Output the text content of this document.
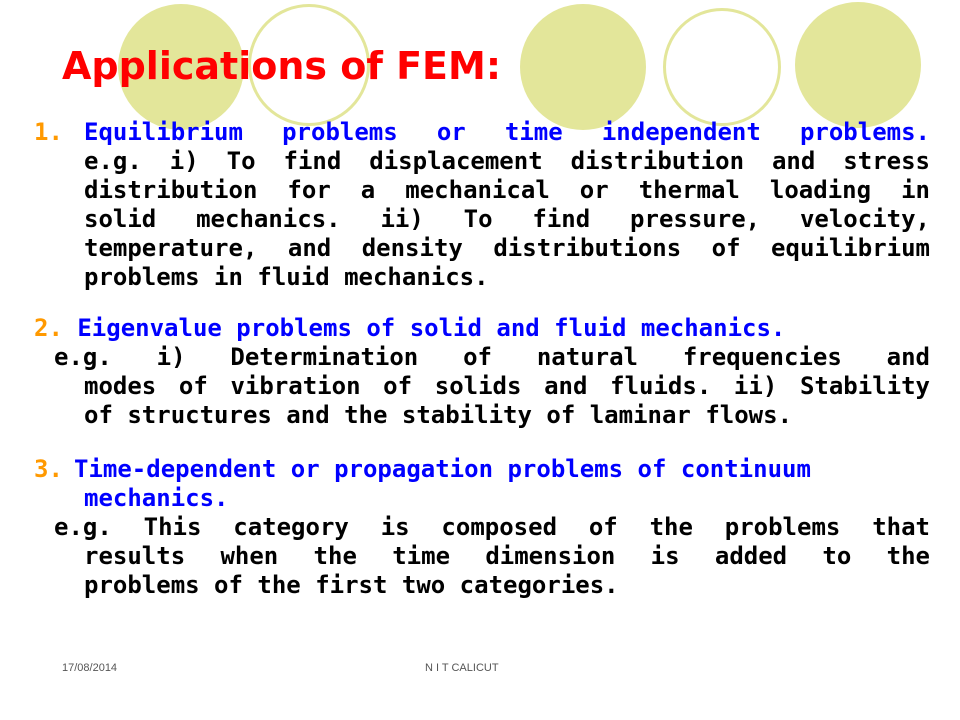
Applications of FEM:
1. Equilibrium problems or time independent problems.
e.g. i) To find displacement distribution and stress
distribution for a mechanical or thermal loading in
solid mechanics. ii) To find pressure, velocity,
temperature, and density distributions of equilibrium
problems in fluid mechanics.
2. Eigenvalue problems of solid and fluid mechanics.
e.g. i) Determination of natural frequencies and
modes of vibration of solids and fluids. ii) Stability
of structures and the stability of laminar flows.
3. Time-dependent or propagation problems of continuum
mechanics.
e.g. This category is composed of the problems that
results when the time dimension is added to the
problems of the first two categories.
17/08/2014	N I T CALICUT
